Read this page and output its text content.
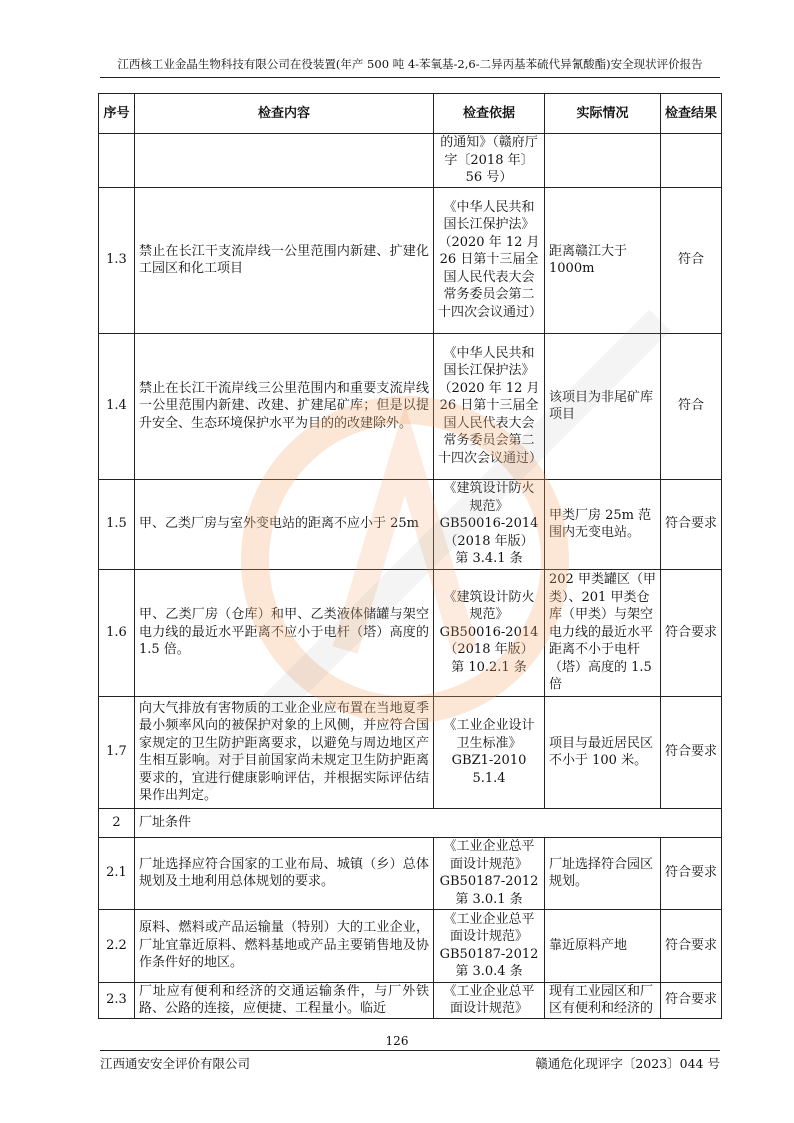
江西核工业金晶生物科技有限公司在役装置(年产 500 吨 4-苯氧基-2,6-二异丙基苯硫代异氰酸酯)安全现状评价报告
序号	检查内容	检查依据	实际情况	检查结果
		的通知》（赣府厅字〔2018 年〕56 号）		
1.3	禁止在长江干支流岸线一公里范围内新建、扩建化工园区和化工项目	《中华人民共和国长江保护法》（2020 年 12 月 26 日第十三届全国人民代表大会常务委员会第二十四次会议通过）	距离赣江大于 1000m	符合
1.4	禁止在长江干流岸线三公里范围内和重要支流岸线一公里范围内新建、改建、扩建尾矿库；但是以提升安全、生态环境保护水平为目的的改建除外。	《中华人民共和国长江保护法》（2020 年 12 月 26 日第十三届全国人民代表大会常务委员会第二十四次会议通过）	该项目为非尾矿库项目	符合
1.5	甲、乙类厂房与室外变电站的距离不应小于 25m	《建筑设计防火规范》GB50016-2014（2018 年版）第 3.4.1 条	甲类厂房 25m 范围内无变电站。	符合要求
1.6	甲、乙类厂房（仓库）和甲、乙类液体储罐与架空电力线的最近水平距离不应小于电杆（塔）高度的 1.5 倍。	《建筑设计防火规范》GB50016-2014（2018 年版）第 10.2.1 条	202 甲类罐区（甲类）、201 甲类仓库（甲类）与架空电力线的最近水平距离不小于电杆（塔）高度的 1.5 倍	符合要求
1.7	向大气排放有害物质的工业企业应布置在当地夏季最小频率风向的被保护对象的上风侧，并应符合国家规定的卫生防护距离要求，以避免与周边地区产生相互影响。对于目前国家尚未规定卫生防护距离要求的，宜进行健康影响评估，并根据实际评估结果作出判定。	《工业企业设计卫生标准》GBZ1-2010 5.1.4	项目与最近居民区不小于 100 米。	符合要求
2	厂址条件			
2.1	厂址选择应符合国家的工业布局、城镇（乡）总体规划及土地利用总体规划的要求。	《工业企业总平面设计规范》GB50187-2012 第 3.0.1 条	厂址选择符合园区规划。	符合要求
2.2	原料、燃料或产品运输量（特别）大的工业企业，厂址宜靠近原料、燃料基地或产品主要销售地及协作条件好的地区。	《工业企业总平面设计规范》GB50187-2012 第 3.0.4 条	靠近原料产地	符合要求
2.3	厂址应有便利和经济的交通运输条件，与厂外铁路、公路的连接，应便捷、工程量小。临近	《工业企业总平面设计规范》	现有工业园区和厂区有便利和经济的	符合要求
126
江西通安安全评价有限公司	赣通危化现评字〔2023〕044 号
